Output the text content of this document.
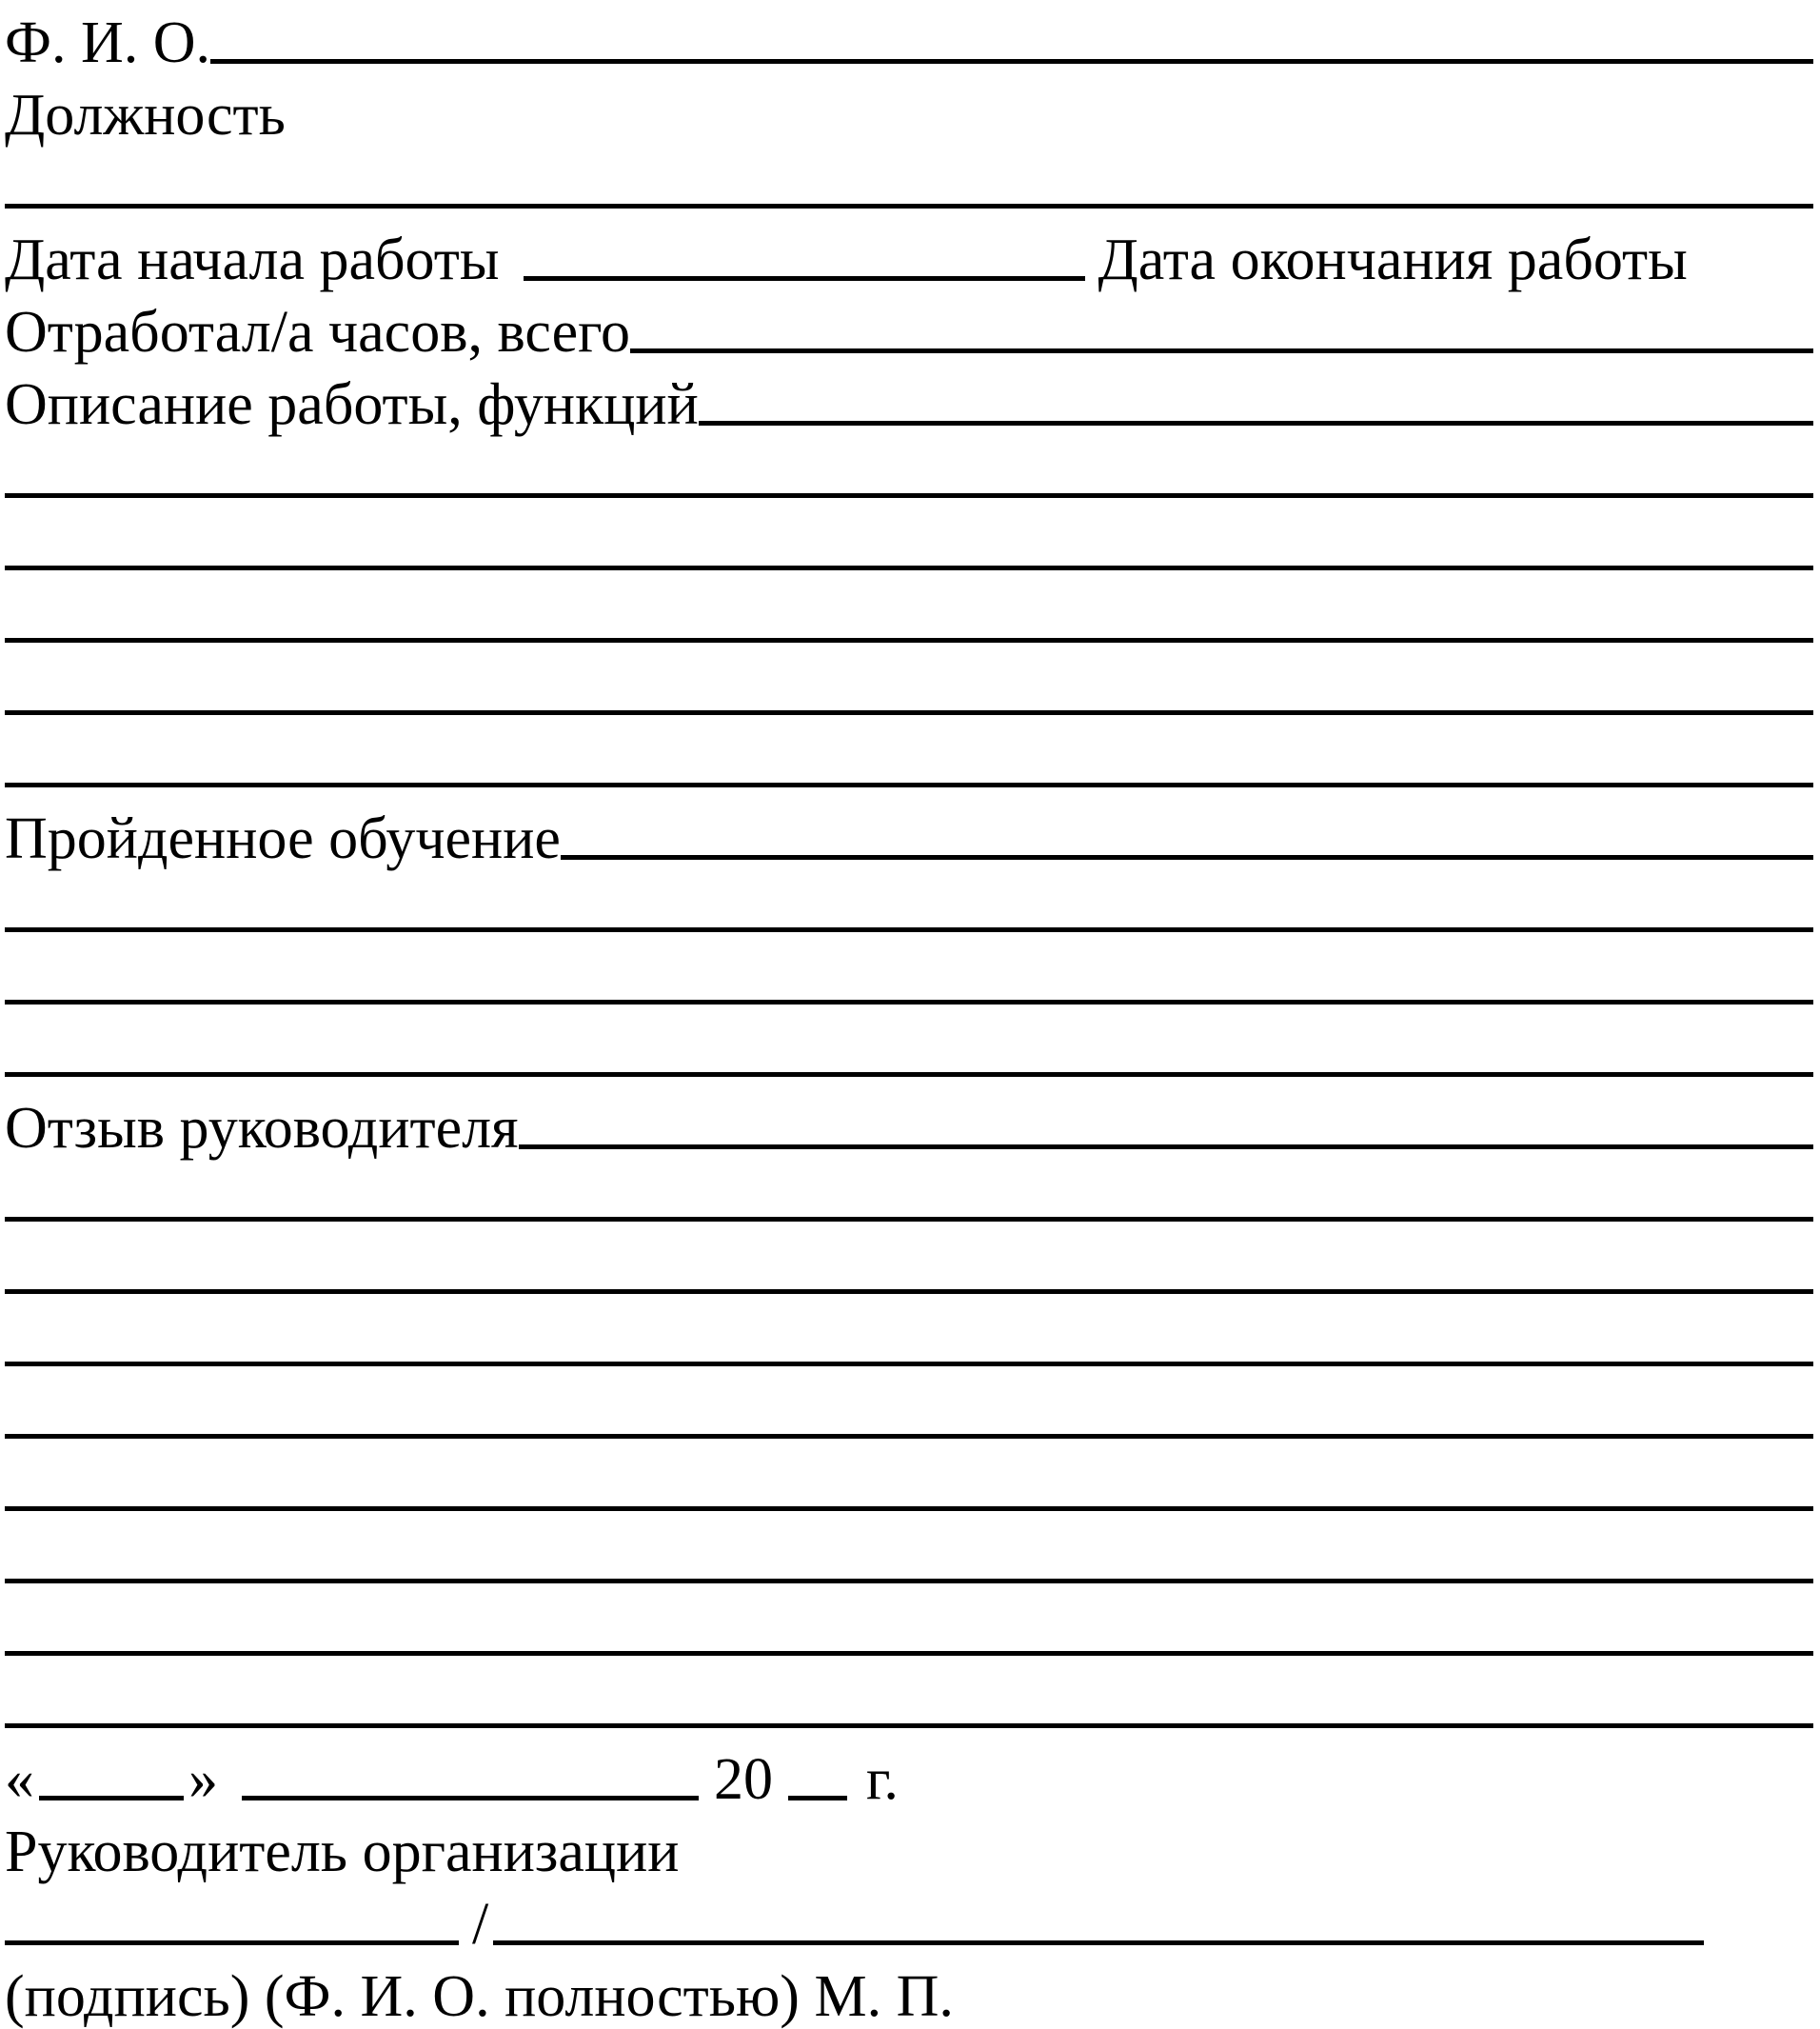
Ф. И. О.
Должность
Дата начала работы	Дата окончания работы
Отработал/а часов, всего
Описание работы, функций
Пройденное обучение
Отзыв руководителя
«	»	20 г.
Руководитель организации
/
(подпись) (Ф. И. О. полностью) М. П.
